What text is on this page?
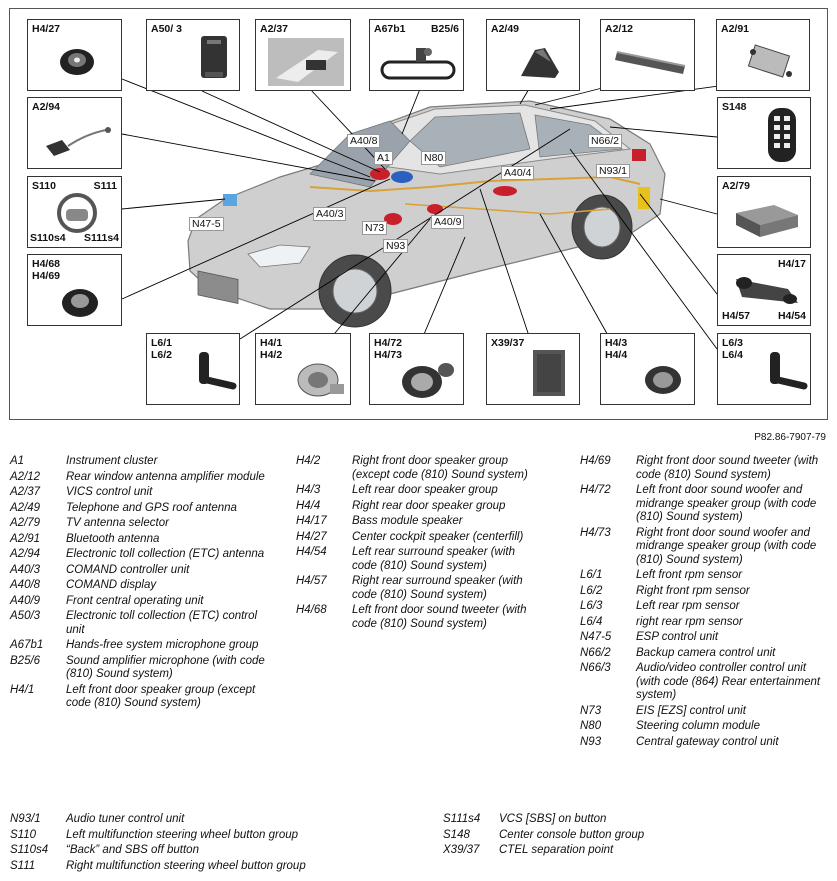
H4/27	A50/ 3	A2/37	A67b1 B25/6	A2/49	A2/12	A2/91
A2/94
S110	S111
S110s4 S111s4
H4/68
H4/69
S148
A2/79
H4/17
H4/57	H4/54
L6/1
L6/2
H4/1
H4/2
H4/72
H4/73
X39/37	H4/3
H4/4
L6/3
L6/4
A40/8
A1	N80
N66/2
N93/1
A40/4
A40/3
N47-5	N73	A40/9
N93
P82.86-7907-79
A1	Instrument cluster
A2/12	Rear window antenna amplifier module
A2/37	VICS control unit
A2/49	Telephone and GPS roof antenna
A2/79	TV antenna selector
A2/91	Bluetooth antenna
A2/94	Electronic toll collection (ETC) antenna
A40/3	COMAND controller unit
A40/8	COMAND display
A40/9	Front central operating unit
A50/3	Electronic toll collection (ETC) control unit
A67b1	Hands-free system microphone group
B25/6	Sound amplifier microphone (with code (810) Sound system)
H4/1	Left front door speaker group (except code (810) Sound system)
H4/2	Right front door speaker group (except code (810) Sound system)
H4/3	Left rear door speaker group
H4/4	Right rear door speaker group
H4/17	Bass module speaker
H4/27	Center cockpit speaker (centerfill)
H4/54	Left rear surround speaker (with code (810) Sound system)
H4/57	Right rear surround speaker (with code (810) Sound system)
H4/68	Left front door sound tweeter (with code (810) Sound system)
H4/69	Right front door sound tweeter (with code (810) Sound system)
H4/72	Left front door sound woofer and midrange speaker group (with code (810) Sound system)
H4/73	Right front door sound woofer and midrange speaker group (with code (810) Sound system)
L6/1	Left front rpm sensor
L6/2	Right front rpm sensor
L6/3	Left rear rpm sensor
L6/4	right rear rpm sensor
N47-5	ESP control unit
N66/2	Backup camera control unit
N66/3	Audio/video controller control unit (with code (864) Rear entertainment system)
N73	EIS [EZS] control unit
N80	Steering column module
N93	Central gateway control unit
N93/1	Audio tuner control unit
S110	Left multifunction steering wheel button group
S110s4	“Back” and SBS off button
S111	Right multifunction steering wheel button group
S111s4	VCS [SBS] on button
S148	Center console button group
X39/37	CTEL separation point
